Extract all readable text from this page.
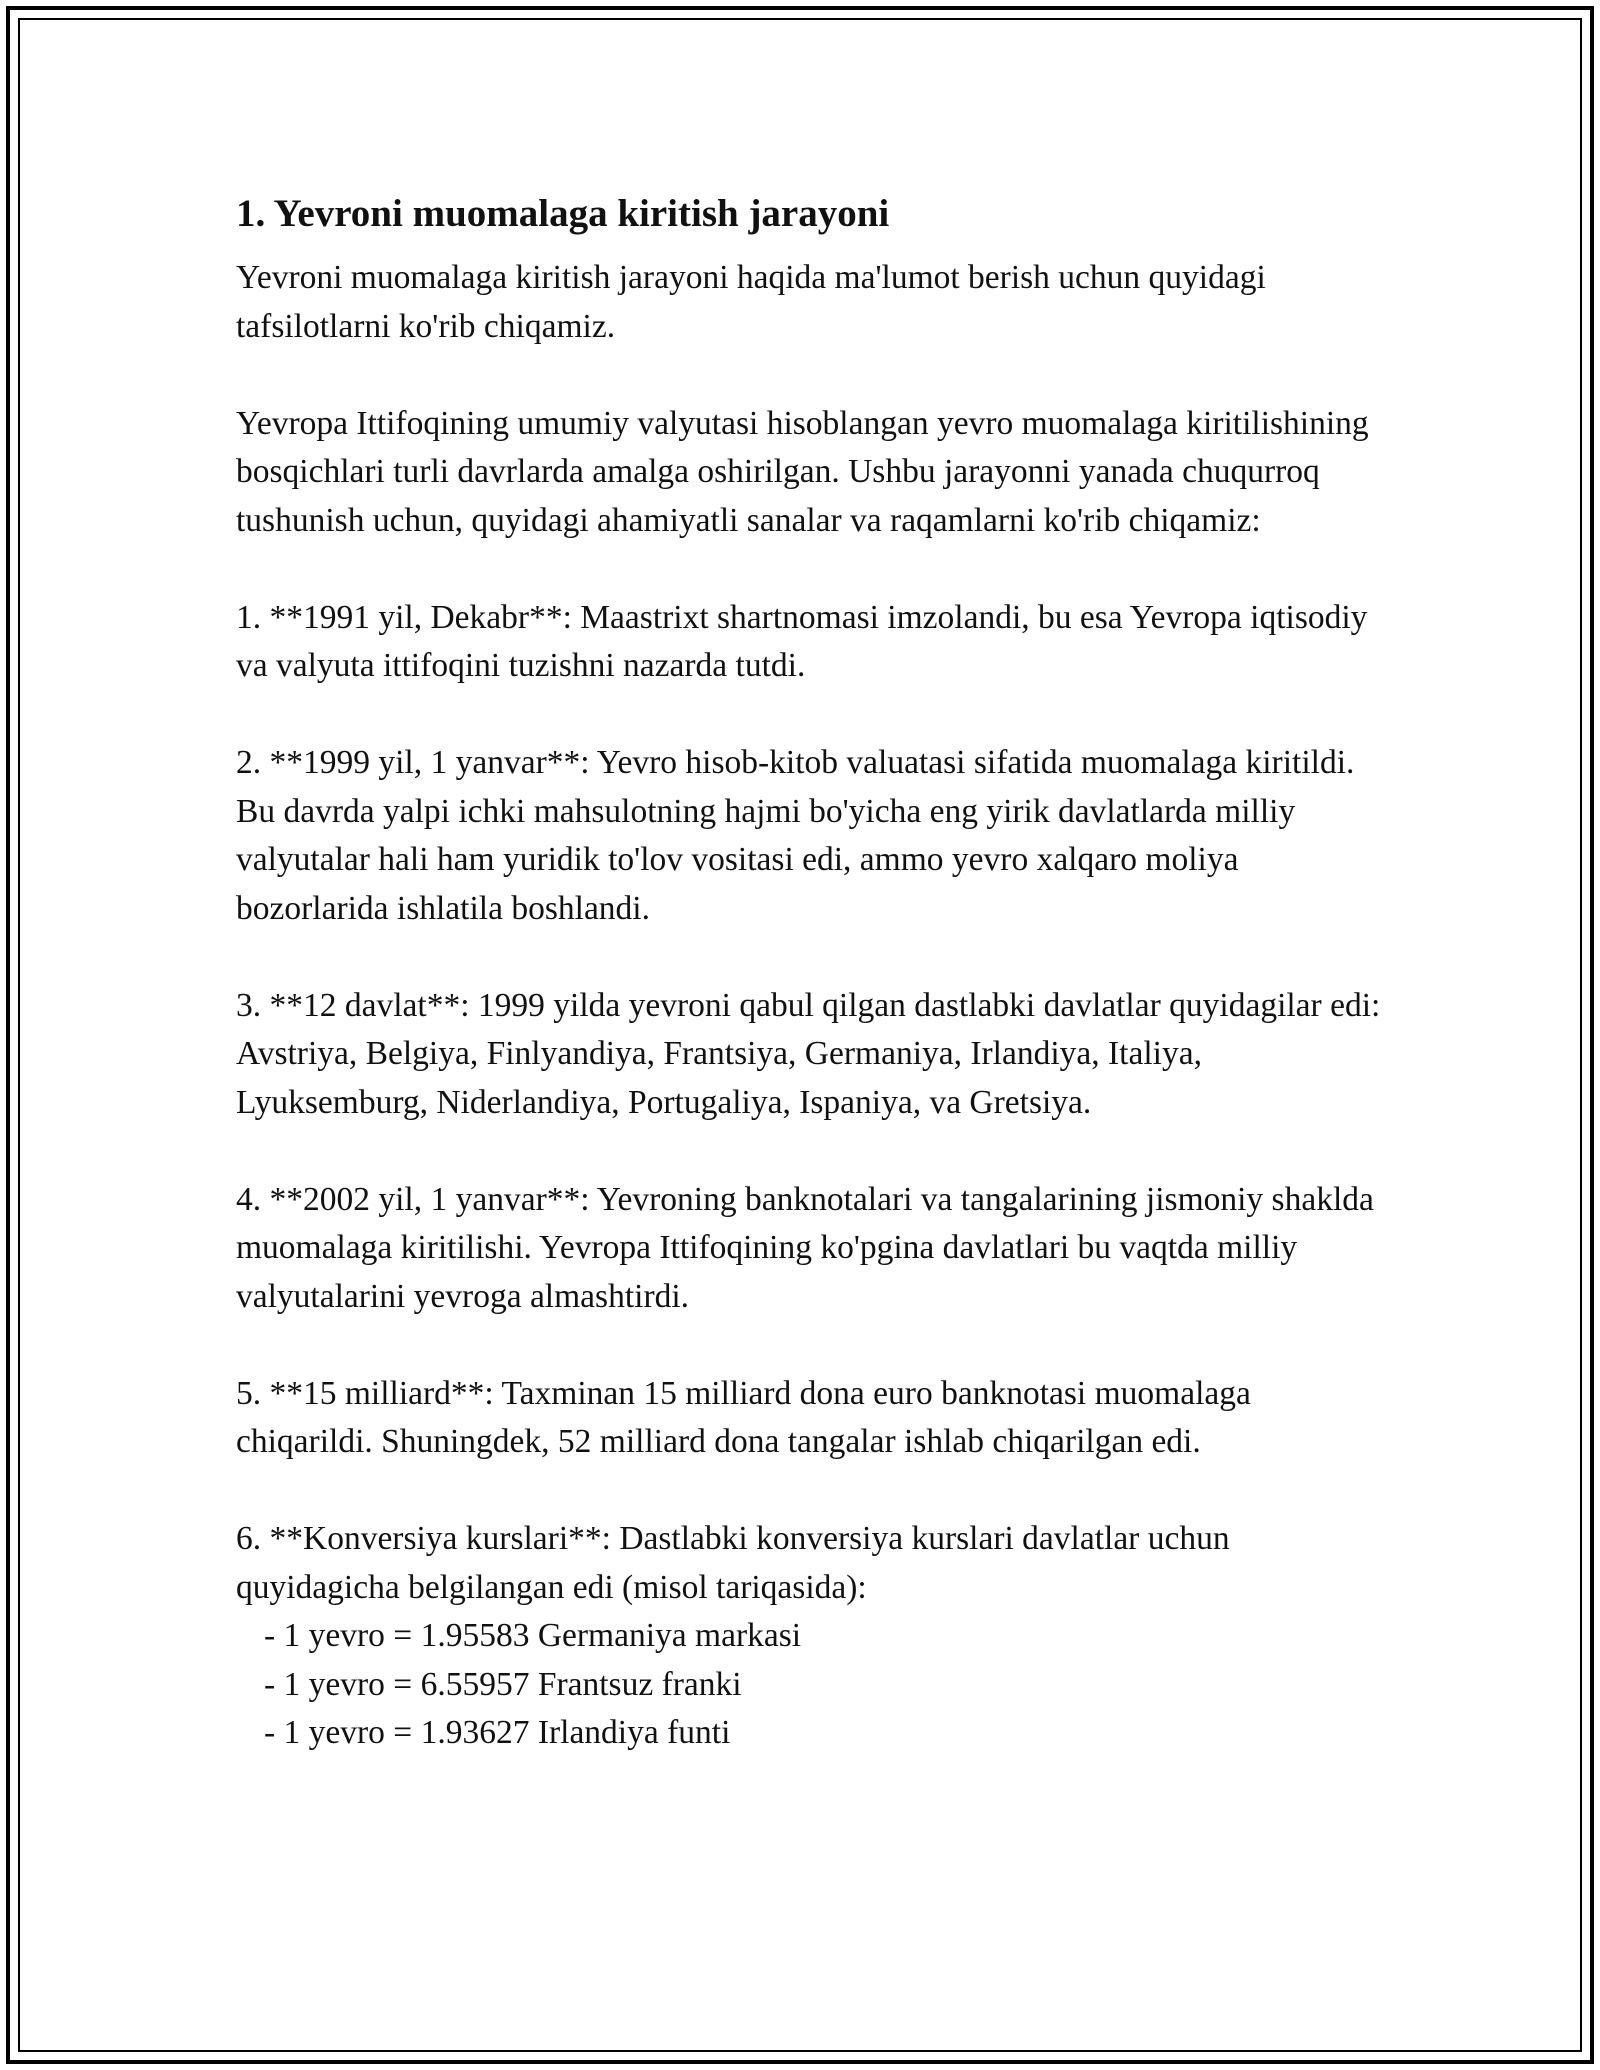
1. Yevroni muomalaga kiritish jarayoni

Yevroni muomalaga kiritish jarayoni haqida ma'lumot berish uchun quyidagi tafsilotlarni ko'rib chiqamiz.

Yevropa Ittifoqining umumiy valyutasi hisoblangan yevro muomalaga kiritilishining bosqichlari turli davrlarda amalga oshirilgan. Ushbu jarayonni yanada chuqurroq tushunish uchun, quyidagi ahamiyatli sanalar va raqamlarni ko'rib chiqamiz:

1. **1991 yil, Dekabr**: Maastrixt shartnomasi imzolandi, bu esa Yevropa iqtisodiy va valyuta ittifoqini tuzishni nazarda tutdi.

2. **1999 yil, 1 yanvar**: Yevro hisob-kitob valuatasi sifatida muomalaga kiritildi. Bu davrda yalpi ichki mahsulotning hajmi bo'yicha eng yirik davlatlarda milliy valyutalar hali ham yuridik to'lov vositasi edi, ammo yevro xalqaro moliya bozorlarida ishlatila boshlandi.

3. **12 davlat**: 1999 yilda yevroni qabul qilgan dastlabki davlatlar quyidagilar edi: Avstriya, Belgiya, Finlyandiya, Frantsiya, Germaniya, Irlandiya, Italiya, Lyuksemburg, Niderlandiya, Portugaliya, Ispaniya, va Gretsiya.

4. **2002 yil, 1 yanvar**: Yevroning banknotalari va tangalarining jismoniy shaklda muomalaga kiritilishi. Yevropa Ittifoqining ko'pgina davlatlari bu vaqtda milliy valyutalarini yevroga almashtirdi.

5. **15 milliard**: Taxminan 15 milliard dona euro banknotasi muomalaga chiqarildi. Shuningdek, 52 milliard dona tangalar ishlab chiqarilgan edi.

6. **Konversiya kurslari**: Dastlabki konversiya kurslari davlatlar uchun quyidagicha belgilangan edi (misol tariqasida):

- 1 yevro = 1.95583 Germaniya markasi
- 1 yevro = 6.55957 Frantsuz franki
- 1 yevro = 1.93627 Irlandiya funti
